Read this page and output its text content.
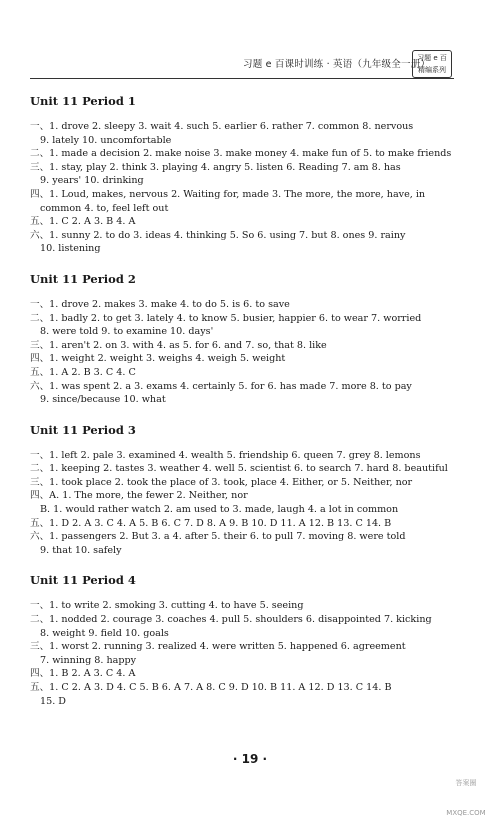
习题 e 百课时训练 · 英语（九年级全一册）
习题 e 百
精编系列
Unit 11 Period 1
一、1. drove 2. sleepy 3. wait 4. such 5. earlier 6. rather 7. common 8. nervous
9. lately 10. uncomfortable
二、1. made a decision 2. make noise 3. make money 4. make fun of 5. to make friends
三、1. stay, play 2. think 3. playing 4. angry 5. listen 6. Reading 7. am 8. has
9. years' 10. drinking
四、1. Loud, makes, nervous 2. Waiting for, made 3. The more, the more, have, in
common 4. to, feel left out
五、1. C 2. A 3. B 4. A
六、1. sunny 2. to do 3. ideas 4. thinking 5. So 6. using 7. but 8. ones 9. rainy
10. listening
Unit 11 Period 2
一、1. drove 2. makes 3. make 4. to do 5. is 6. to save
二、1. badly 2. to get 3. lately 4. to know 5. busier, happier 6. to wear 7. worried
8. were told 9. to examine 10. days'
三、1. aren't 2. on 3. with 4. as 5. for 6. and 7. so, that 8. like
四、1. weight 2. weight 3. weighs 4. weigh 5. weight
五、1. A 2. B 3. C 4. C
六、1. was spent 2. a 3. exams 4. certainly 5. for 6. has made 7. more 8. to pay
9. since/because 10. what
Unit 11 Period 3
一、1. left 2. pale 3. examined 4. wealth 5. friendship 6. queen 7. grey 8. lemons
二、1. keeping 2. tastes 3. weather 4. well 5. scientist 6. to search 7. hard 8. beautiful
三、1. took place 2. took the place of 3. took, place 4. Either, or 5. Neither, nor
四、A. 1. The more, the fewer 2. Neither, nor
B. 1. would rather watch 2. am used to 3. made, laugh 4. a lot in common
五、1. D 2. A 3. C 4. A 5. B 6. C 7. D 8. A 9. B 10. D 11. A 12. B 13. C 14. B
六、1. passengers 2. But 3. a 4. after 5. their 6. to pull 7. moving 8. were told
9. that 10. safely
Unit 11 Period 4
一、1. to write 2. smoking 3. cutting 4. to have 5. seeing
二、1. nodded 2. courage 3. coaches 4. pull 5. shoulders 6. disappointed 7. kicking
8. weight 9. field 10. goals
三、1. worst 2. running 3. realized 4. were written 5. happened 6. agreement
7. winning 8. happy
四、1. B 2. A 3. C 4. A
五、1. C 2. A 3. D 4. C 5. B 6. A 7. A 8. C 9. D 10. B 11. A 12. D 13. C 14. B
15. D
· 19 ·
答案圈 MXQE.COM
